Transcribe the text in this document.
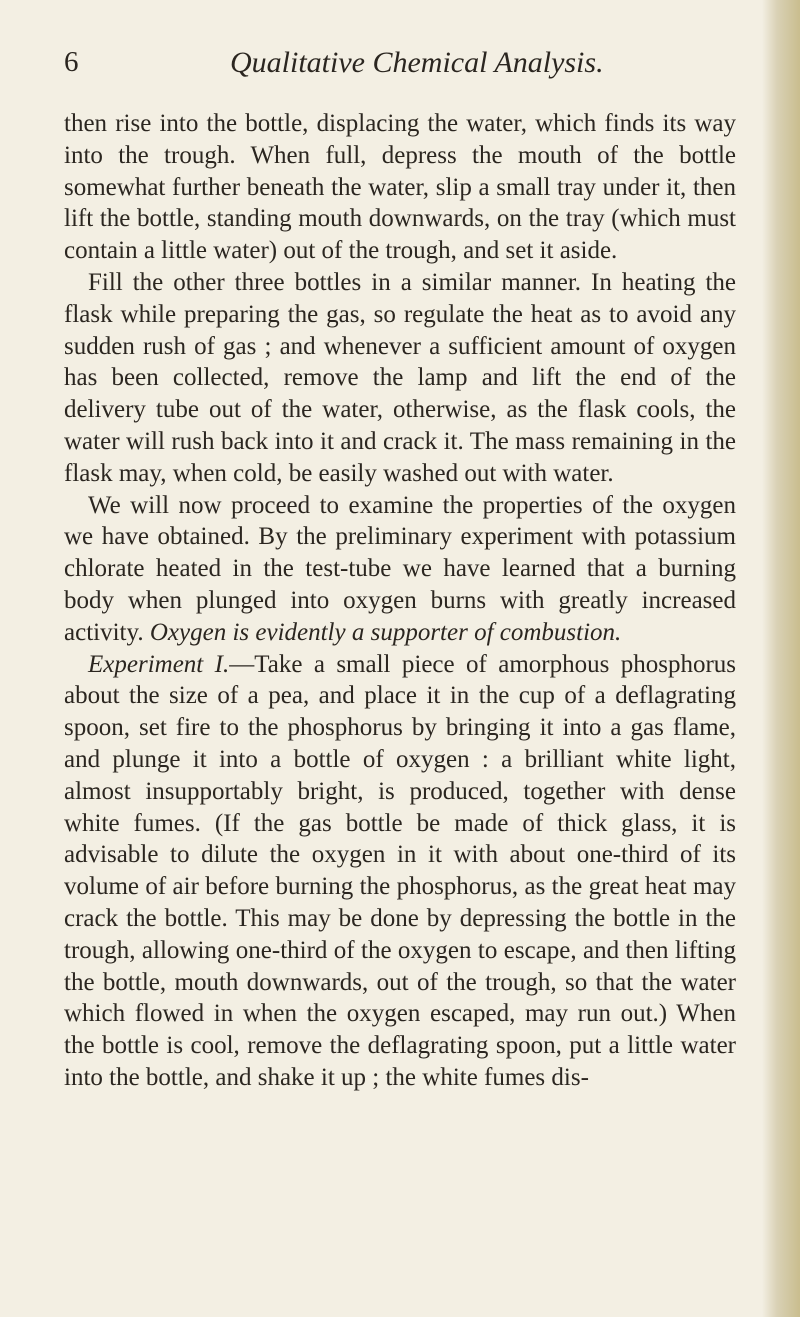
6	Qualitative Chemical Analysis.

then rise into the bottle, displacing the water, which finds its way into the trough. When full, depress the mouth of the bottle somewhat further beneath the water, slip a small tray under it, then lift the bottle, standing mouth downwards, on the tray (which must contain a little water) out of the trough, and set it aside.

Fill the other three bottles in a similar manner. In heating the flask while preparing the gas, so regulate the heat as to avoid any sudden rush of gas ; and whenever a sufficient amount of oxygen has been collected, remove the lamp and lift the end of the delivery tube out of the water, otherwise, as the flask cools, the water will rush back into it and crack it. The mass remaining in the flask may, when cold, be easily washed out with water.

We will now proceed to examine the properties of the oxygen we have obtained. By the preliminary experiment with potassium chlorate heated in the test-tube we have learned that a burning body when plunged into oxygen burns with greatly increased activity. Oxygen is evidently a supporter of combustion.

Experiment I.—Take a small piece of amorphous phosphorus about the size of a pea, and place it in the cup of a deflagrating spoon, set fire to the phosphorus by bringing it into a gas flame, and plunge it into a bottle of oxygen : a brilliant white light, almost insupportably bright, is produced, together with dense white fumes. (If the gas bottle be made of thick glass, it is advisable to dilute the oxygen in it with about one-third of its volume of air before burning the phosphorus, as the great heat may crack the bottle. This may be done by depressing the bottle in the trough, allowing one-third of the oxygen to escape, and then lifting the bottle, mouth downwards, out of the trough, so that the water which flowed in when the oxygen escaped, may run out.) When the bottle is cool, remove the deflagrating spoon, put a little water into the bottle, and shake it up ; the white fumes dis-
